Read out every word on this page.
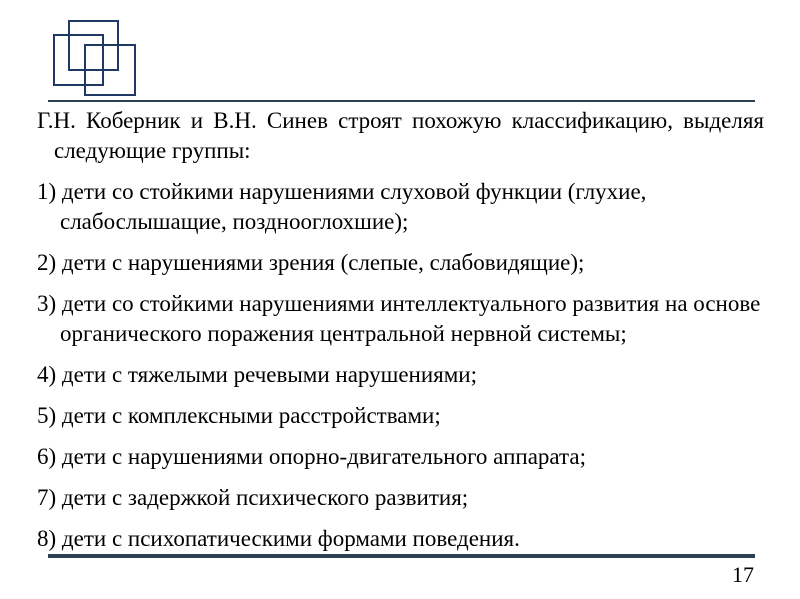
Г.Н. Коберник и В.Н. Синев строят похожую классификацию, выделяя следующие группы:

1) дети со стойкими нарушениями слуховой функции (глухие, слабослышащие, позднооглохшие);

2) дети с нарушениями зрения (слепые, слабовидящие);

3) дети со стойкими нарушениями интеллектуального развития на основе органического поражения центральной нервной системы;

4) дети с тяжелыми речевыми нарушениями;

5) дети с комплексными расстройствами;

6) дети с нарушениями опорно-двигательного аппарата;

7) дети с задержкой психического развития;

8) дети с психопатическими формами поведения.

17
